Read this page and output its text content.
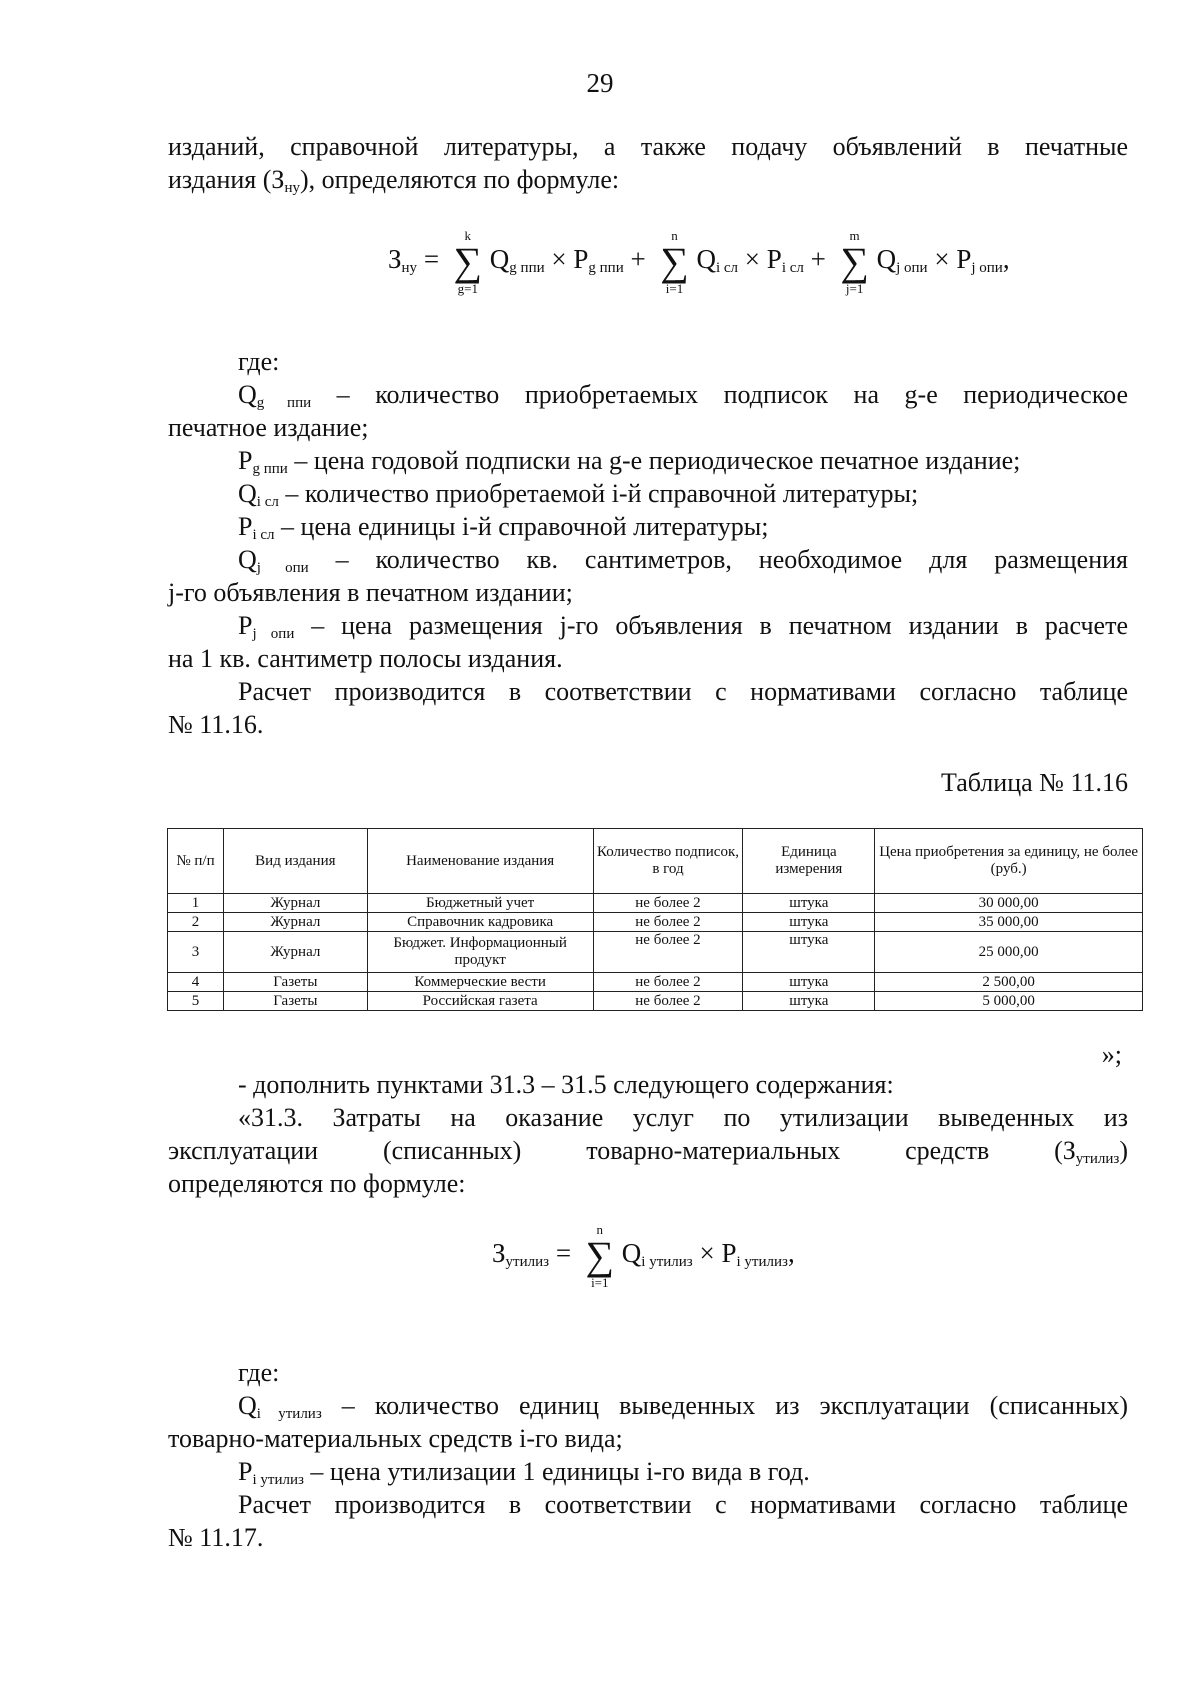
29
изданий, справочной литературы, а также подачу объявлений в печатные
издания $(З_{ну})$, определяются по формуле:
$З_{ну}$ =
k
∑
g=1
$Q_{g ппи} \times P_{g ппи}$ +
n
∑
i=1
$Q_{i сл} \times P_{i сл}$ +
m
∑
j=1
$Q_{j опи} \times P_{j опи}$,
где:
$Q_{g ппи}$ – количество приобретаемых подписок на g-е периодическое
печатное издание;
$P_{g ппи}$ – цена годовой подписки на g-е периодическое печатное издание;
$Q_{i сл}$ – количество приобретаемой i-й справочной литературы;
$P_{i сл}$ – цена единицы i-й справочной литературы;
$Q_{j опи}$ – количество кв. сантиметров, необходимое для размещения
j-го объявления в печатном издании;
$P_{j опи}$ – цена размещения j-го объявления в печатном издании в расчете
на 1 кв. сантиметр полосы издания.
Расчет производится в соответствии с нормативами согласно таблице
№ 11.16.
Таблица № 11.16
№ п/п	Вид издания	Наименование издания	Количество подписок, в год	Единица измерения	Цена приобретения за единицу, не более (руб.)
1	Журнал	Бюджетный учет	не более 2	штука	30 000,00
2	Журнал	Справочник кадровика	не более 2	штука	35 000,00
3	Журнал	Бюджет. Информационный продукт	не более 2	штука	25 000,00
4	Газеты	Коммерческие вести	не более 2	штука	2 500,00
5	Газеты	Российская газета	не более 2	штука	5 000,00
»;
- дополнить пунктами 31.3 – 31.5 следующего содержания:
«31.3. Затраты на оказание услуг по утилизации выведенных из
эксплуатации (списанных) товарно-материальных средств $(З_{утилиз})$
определяются по формуле:
$З_{утилиз}$ =
n
∑
i=1
$Q_{i утилиз} \times P_{i утилиз}$,
где:
$Q_{i утилиз}$ – количество единиц выведенных из эксплуатации (списанных)
товарно-материальных средств i-го вида;
$P_{i утилиз}$ – цена утилизации 1 единицы i-го вида в год.
Расчет производится в соответствии с нормативами согласно таблице
№ 11.17.
